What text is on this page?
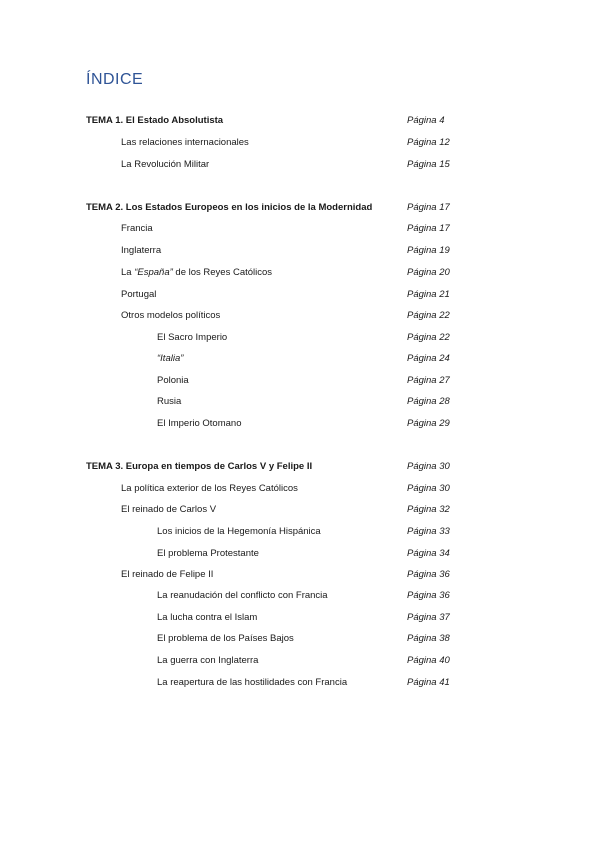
ÍNDICE
TEMA 1. El Estado Absolutista	Página 4
Las relaciones internacionales	Página 12
La Revolución Militar	Página 15
TEMA 2. Los Estados Europeos en los inicios de la Modernidad	Página 17
Francia	Página 17
Inglaterra	Página 19
La “España” de los Reyes Católicos	Página 20
Portugal	Página 21
Otros modelos políticos	Página 22
El Sacro Imperio	Página 22
“Italia”	Página 24
Polonia	Página 27
Rusia	Página 28
El Imperio Otomano	Página 29
TEMA 3. Europa en tiempos de Carlos V y Felipe II	Página 30
La política exterior de los Reyes Católicos	Página 30
El reinado de Carlos V	Página 32
Los inicios de la Hegemonía Hispánica	Página 33
El problema Protestante	Página 34
El reinado de Felipe II	Página 36
La reanudación del conflicto con Francia	Página 36
La lucha contra el Islam	Página 37
El problema de los Países Bajos	Página 38
La guerra con Inglaterra	Página 40
La reapertura de las hostilidades con Francia	Página 41
